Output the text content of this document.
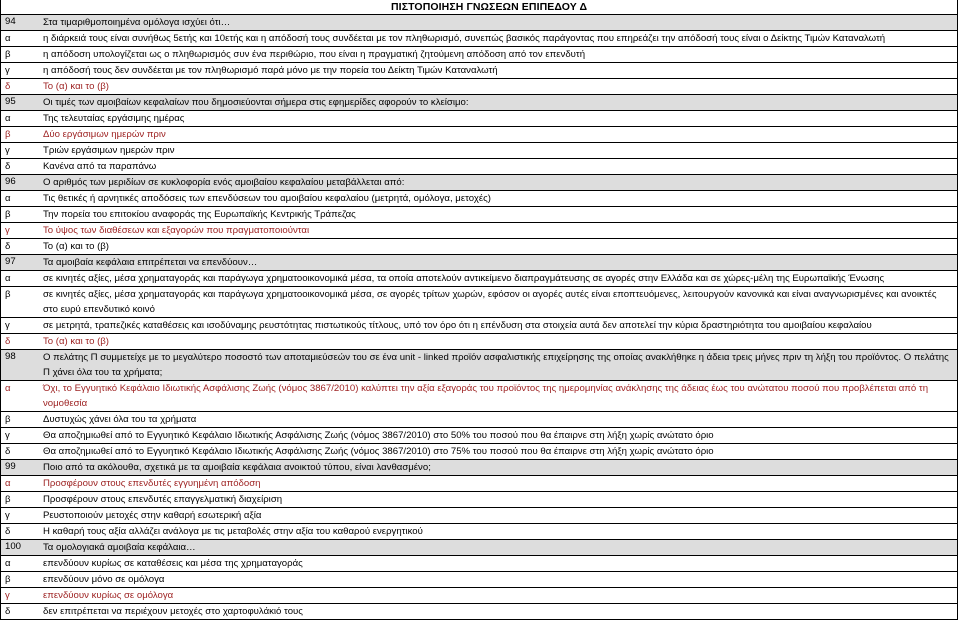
ΠΙΣΤΟΠΟΙΗΣΗ ΓΝΩΣΕΩΝ ΕΠΙΠΕΔΟΥ Δ
94	Στα τιμαριθμοποιημένα ομόλογα ισχύει ότι…
α	η διάρκειά τους είναι συνήθως 5ετής και 10ετής και η απόδοσή τους συνδέεται με τον πληθωρισμό, συνεπώς βασικός παράγοντας που επηρεάζει την απόδοσή τους είναι ο Δείκτης Τιμών Καταναλωτή
β	η απόδοση υπολογίζεται ως ο πληθωρισμός συν ένα περιθώριο, που είναι η πραγματική ζητούμενη απόδοση από τον επενδυτή
γ	η απόδοσή τους δεν συνδέεται με τον πληθωρισμό παρά μόνο με την πορεία του Δείκτη Τιμών Καταναλωτή
δ	Το (α) και το (β)
95	Οι τιμές των αμοιβαίων κεφαλαίων που δημοσιεύονται σήμερα στις εφημερίδες αφορούν το κλείσιμο:
α	Της τελευταίας εργάσιμης ημέρας
β	Δύο εργάσιμων ημερών πριν
γ	Τριών εργάσιμων ημερών πριν
δ	Κανένα από τα παραπάνω
96	Ο αριθμός των μεριδίων σε κυκλοφορία ενός αμοιβαίου κεφαλαίου μεταβάλλεται από:
α	Τις θετικές ή αρνητικές αποδόσεις των επενδύσεων του αμοιβαίου κεφαλαίου (μετρητά, ομόλογα, μετοχές)
β	Την πορεία του επιτοκίου αναφοράς της Ευρωπαϊκής Κεντρικής Τράπεζας
γ	Το ύψος των διαθέσεων και εξαγορών που πραγματοποιούνται
δ	Το (α) και το (β)
97	Τα αμοιβαία κεφάλαια επιτρέπεται να επενδύουν…
α	σε κινητές αξίες, μέσα χρηματαγοράς και παράγωγα χρηματοοικονομικά μέσα, τα οποία αποτελούν αντικείμενο διαπραγμάτευσης σε αγορές στην Ελλάδα και σε χώρες-μέλη της Ευρωπαϊκής Ένωσης
β	σε κινητές αξίες, μέσα χρηματαγοράς και παράγωγα χρηματοοικονομικά μέσα, σε αγορές τρίτων χωρών, εφόσον οι αγορές αυτές είναι εποπτευόμενες, λειτουργούν κανονικά και είναι αναγνωρισμένες και ανοικτές στο ευρύ επενδυτικό κοινό
γ	σε μετρητά, τραπεζικές καταθέσεις και ισοδύναμης ρευστότητας πιστωτικούς τίτλους, υπό τον όρο ότι η επένδυση στα στοιχεία αυτά δεν αποτελεί την κύρια δραστηριότητα του αμοιβαίου κεφαλαίου
δ	Το (α) και το (β)
98	Ο πελάτης Π συμμετείχε με το μεγαλύτερο ποσοστό των αποταμιεύσεών του σε ένα unit - linked προϊόν ασφαλιστικής επιχείρησης της οποίας ανακλήθηκε η άδεια τρεις μήνες πριν τη λήξη του προϊόντος. Ο πελάτης Π χάνει όλα του τα χρήματα;
α	Όχι, το Εγγυητικό Κεφάλαιο Ιδιωτικής Ασφάλισης Ζωής (νόμος 3867/2010) καλύπτει την αξία εξαγοράς του προϊόντος της ημερομηνίας ανάκλησης της άδειας έως του ανώτατου ποσού που προβλέπεται από τη νομοθεσία
β	Δυστυχώς χάνει όλα του τα χρήματα
γ	Θα αποζημιωθεί από το Εγγυητικό Κεφάλαιο Ιδιωτικής Ασφάλισης Ζωής (νόμος 3867/2010) στο 50% του ποσού που θα έπαιρνε στη λήξη χωρίς ανώτατο όριο
δ	Θα αποζημιωθεί από το Εγγυητικό Κεφάλαιο Ιδιωτικής Ασφάλισης Ζωής (νόμος 3867/2010) στο 75% του ποσού που θα έπαιρνε στη λήξη χωρίς ανώτατο όριο
99	Ποιο από τα ακόλουθα, σχετικά με τα αμοιβαία κεφάλαια ανοικτού τύπου, είναι λανθασμένο;
α	Προσφέρουν στους επενδυτές εγγυημένη απόδοση
β	Προσφέρουν στους επενδυτές επαγγελματική διαχείριση
γ	Ρευστοποιούν μετοχές στην καθαρή εσωτερική αξία
δ	Η καθαρή τους αξία αλλάζει ανάλογα με τις μεταβολές στην αξία του καθαρού ενεργητικού
100	Τα ομολογιακά αμοιβαία κεφάλαια…
α	επενδύουν κυρίως σε καταθέσεις και μέσα της χρηματαγοράς
β	επενδύουν μόνο σε ομόλογα
γ	επενδύουν κυρίως σε ομόλογα
δ	δεν επιτρέπεται να περιέχουν μετοχές στο χαρτοφυλάκιό τους
